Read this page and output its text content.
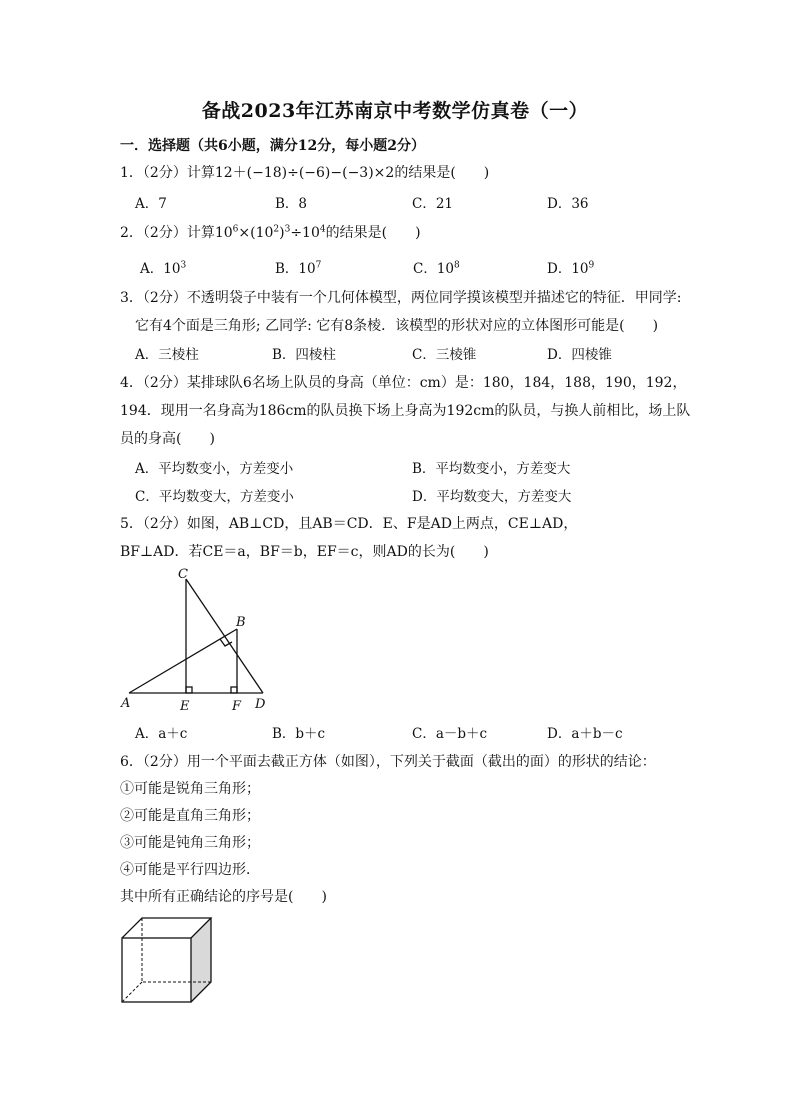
备战2023年江苏南京中考数学仿真卷（一）
一．选择题（共6小题，满分12分，每小题2分）
1．（2分）计算12＋(−18)÷(−6)−(−3)×2的结果是(　　)
A．7	B．8	C．21	D．36
2．（2分）计算$10^6\times(10^2)^3\div 10^4$的结果是(　　)
A．$10^3$	B．$10^7$	C．$10^8$	D．$10^9$
3．（2分）不透明袋子中装有一个几何体模型，两位同学摸该模型并描述它的特征．甲同学:
它有4个面是三角形; 乙同学: 它有8条棱．该模型的形状对应的立体图形可能是(　　)
A．三棱柱	B．四棱柱	C．三棱锥	D．四棱锥
4．（2分）某排球队6名场上队员的身高（单位：cm）是：180，184，188，190，192，
194．现用一名身高为186cm的队员换下场上身高为192cm的队员，与换人前相比，场上队
员的身高(　　)
A．平均数变小，方差变小	B．平均数变小，方差变大
C．平均数变大，方差变小	D．平均数变大，方差变大
5．（2分）如图，AB⊥CD，且AB＝CD．E、F是AD上两点，CE⊥AD，
BF⊥AD．若CE＝a，BF＝b，EF＝c，则AD的长为(　　)
C
B
A	E	F D
A．a＋c	B．b＋c	C．a－b＋c	D．a＋b－c
6．（2分）用一个平面去截正方体（如图），下列关于截面（截出的面）的形状的结论：
①可能是锐角三角形；
②可能是直角三角形；
③可能是钝角三角形；
④可能是平行四边形．
其中所有正确结论的序号是(　　)
